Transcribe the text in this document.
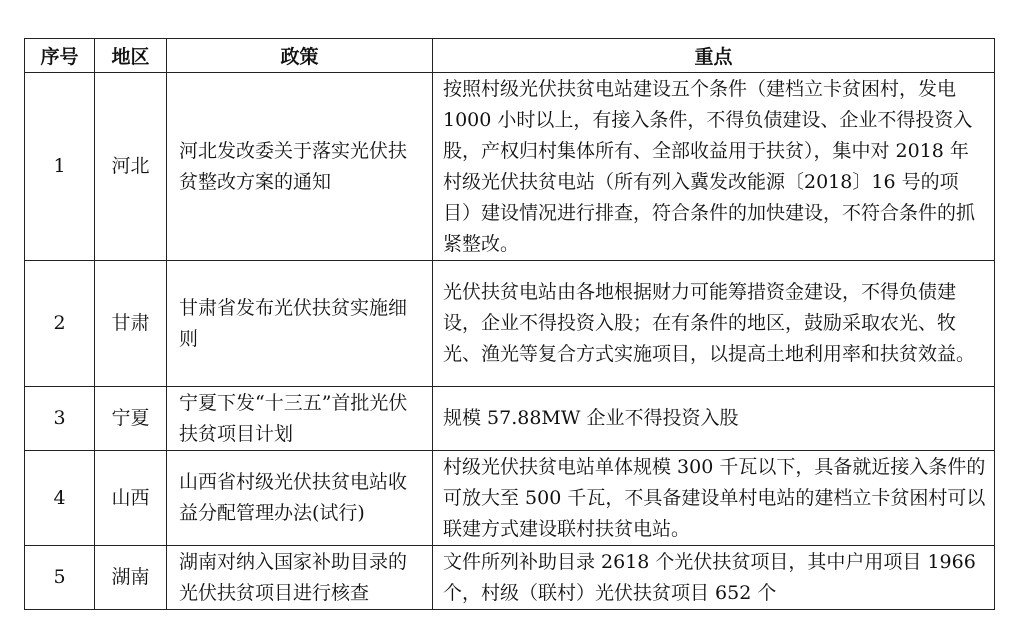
序号	地区	政策	重点
1	河北	河北发改委关于落实光伏扶贫整改方案的通知	按照村级光伏扶贫电站建设五个条件（建档立卡贫困村，发电 1000 小时以上，有接入条件，不得负债建设、企业不得投资入股，产权归村集体所有、全部收益用于扶贫），集中对 2018 年村级光伏扶贫电站（所有列入冀发改能源〔2018〕16 号的项目）建设情况进行排查，符合条件的加快建设，不符合条件的抓紧整改。
2	甘肃	甘肃省发布光伏扶贫实施细则	光伏扶贫电站由各地根据财力可能筹措资金建设，不得负债建设，企业不得投资入股；在有条件的地区，鼓励采取农光、牧光、渔光等复合方式实施项目，以提高土地利用率和扶贫效益。
3	宁夏	宁夏下发“十三五”首批光伏扶贫项目计划	规模 57.88MW 企业不得投资入股
4	山西	山西省村级光伏扶贫电站收益分配管理办法(试行)	村级光伏扶贫电站单体规模 300 千瓦以下，具备就近接入条件的可放大至 500 千瓦，不具备建设单村电站的建档立卡贫困村可以联建方式建设联村扶贫电站。
5	湖南	湖南对纳入国家补助目录的光伏扶贫项目进行核查	文件所列补助目录 2618 个光伏扶贫项目，其中户用项目 1966 个，村级（联村）光伏扶贫项目 652 个
